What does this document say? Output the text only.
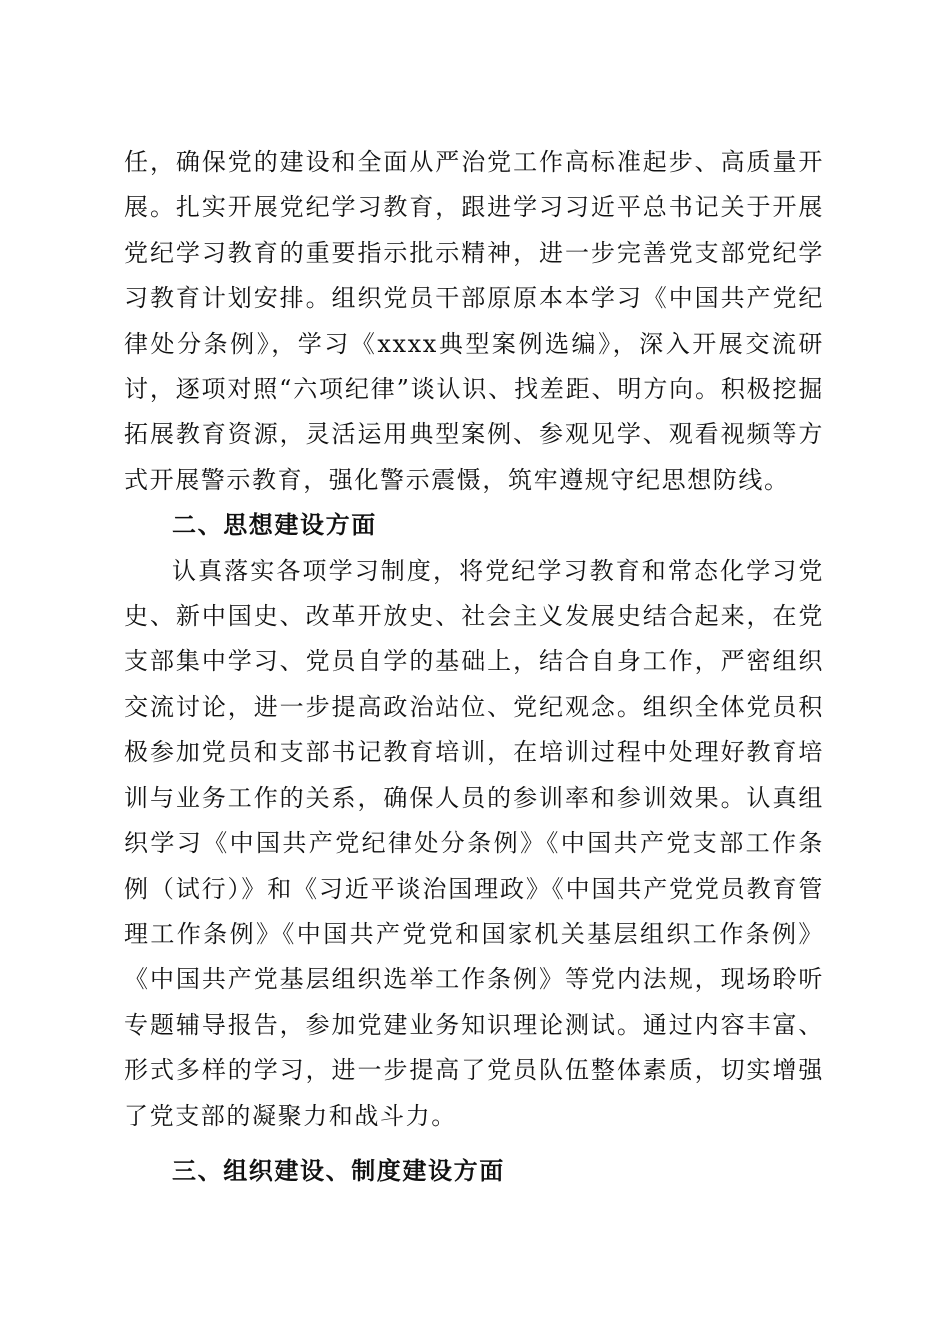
任，确保党的建设和全面从严治党工作高标准起步、高质量开展。扎实开展党纪学习教育，跟进学习习近平总书记关于开展党纪学习教育的重要指示批示精神，进一步完善党支部党纪学习教育计划安排。组织党员干部原原本本学习《中国共产党纪律处分条例》，学习《xxxx典型案例选编》，深入开展交流研讨，逐项对照“六项纪律”谈认识、找差距、明方向。积极挖掘拓展教育资源，灵活运用典型案例、参观见学、观看视频等方式开展警示教育，强化警示震慑，筑牢遵规守纪思想防线。

二、思想建设方面

认真落实各项学习制度，将党纪学习教育和常态化学习党史、新中国史、改革开放史、社会主义发展史结合起来，在党支部集中学习、党员自学的基础上，结合自身工作，严密组织交流讨论，进一步提高政治站位、党纪观念。组织全体党员积极参加党员和支部书记教育培训，在培训过程中处理好教育培训与业务工作的关系，确保人员的参训率和参训效果。认真组织学习《中国共产党纪律处分条例》《中国共产党支部工作条例（试行）》和《习近平谈治国理政》《中国共产党党员教育管理工作条例》《中国共产党党和国家机关基层组织工作条例》《中国共产党基层组织选举工作条例》等党内法规，现场聆听专题辅导报告，参加党建业务知识理论测试。通过内容丰富、形式多样的学习，进一步提高了党员队伍整体素质，切实增强了党支部的凝聚力和战斗力。

三、组织建设、制度建设方面
